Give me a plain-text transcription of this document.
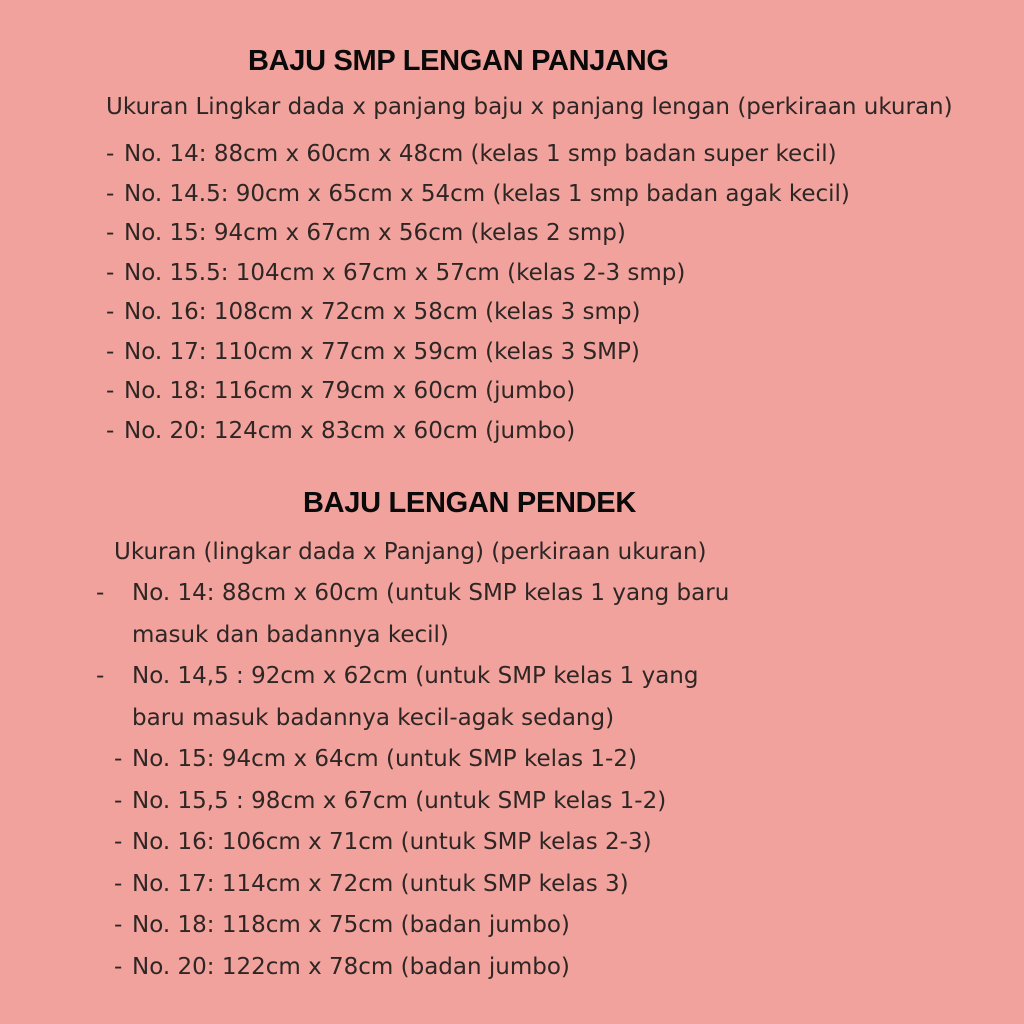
BAJU SMP LENGAN PANJANG

Ukuran Lingkar dada x panjang baju x panjang lengan (perkiraan ukuran)

- No. 14: 88cm x 60cm x 48cm (kelas 1 smp badan super kecil)
- No. 14.5: 90cm x 65cm x 54cm (kelas 1 smp badan agak kecil)
- No. 15: 94cm x 67cm x 56cm (kelas 2 smp)
- No. 15.5: 104cm x 67cm x 57cm (kelas 2-3 smp)
- No. 16: 108cm x 72cm x 58cm (kelas 3 smp)
- No. 17: 110cm x 77cm x 59cm (kelas 3 SMP)
- No. 18: 116cm x 79cm x 60cm (jumbo)
- No. 20: 124cm x 83cm x 60cm (jumbo)
BAJU LENGAN PENDEK

Ukuran (lingkar dada x Panjang) (perkiraan ukuran)

- No. 14: 88cm x 60cm (untuk SMP kelas 1 yang baru masuk dan badannya kecil)
- No. 14,5 : 92cm x 62cm (untuk SMP kelas 1 yang baru masuk badannya kecil-agak sedang)
- No. 15: 94cm x 64cm (untuk SMP kelas 1-2)
- No. 15,5 : 98cm x 67cm (untuk SMP kelas 1-2)
- No. 16: 106cm x 71cm (untuk SMP kelas 2-3)
- No. 17: 114cm x 72cm (untuk SMP kelas 3)
- No. 18: 118cm x 75cm (badan jumbo)
- No. 20: 122cm x 78cm (badan jumbo)
